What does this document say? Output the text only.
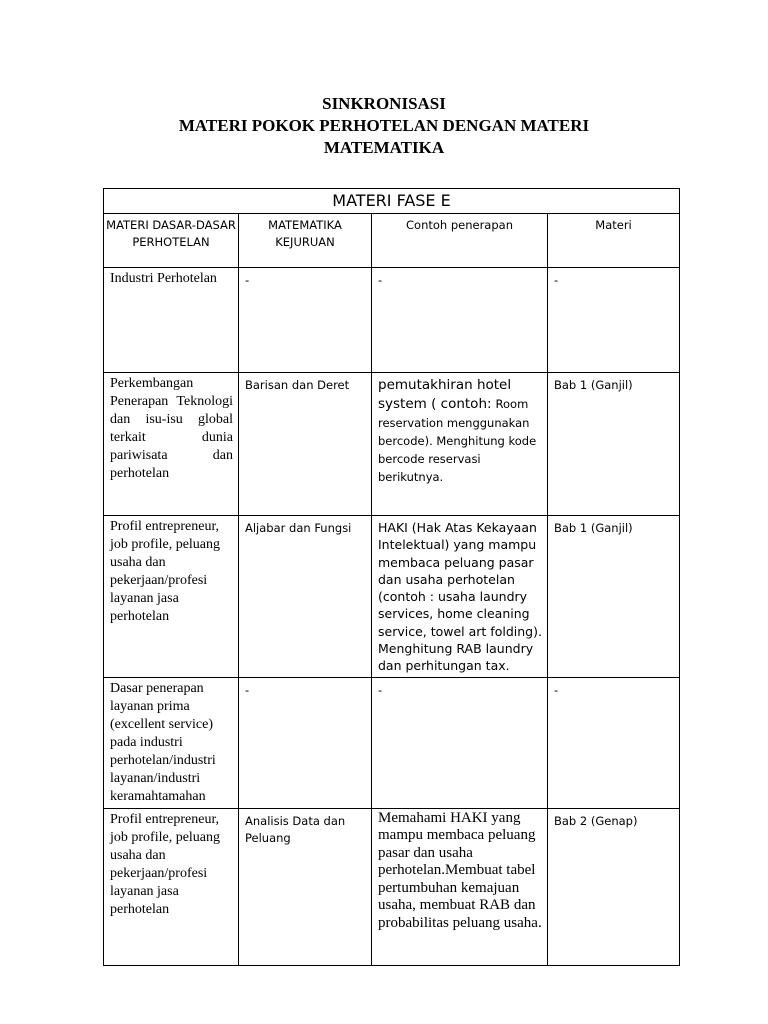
SINKRONISASI
MATERI POKOK PERHOTELAN DENGAN MATERI
MATEMATIKA
MATERI FASE E			
MATERI DASAR-DASAR PERHOTELAN	MATEMATIKA KEJURUAN	Contoh penerapan	Materi
Industri Perhotelan	-	-	-
Perkembangan Penerapan Teknologi dan isu-isu global terkait dunia pariwisata dan perhotelan	Barisan dan Deret	pemutakhiran hotel system ( contoh: Room reservation menggunakan bercode). Menghitung kode bercode reservasi berikutnya.	Bab 1 (Ganjil)
Profil entrepreneur, job profile, peluang usaha dan pekerjaan/profesi layanan jasa perhotelan	Aljabar dan Fungsi	HAKI (Hak Atas Kekayaan Intelektual) yang mampu membaca peluang pasar dan usaha perhotelan (contoh : usaha laundry services, home cleaning service, towel art folding). Menghitung RAB laundry dan perhitungan tax.	Bab 1 (Ganjil)
Dasar penerapan layanan prima (excellent service) pada industri perhotelan/industri layanan/industri keramahtamahan	-	-	-
Profil entrepreneur, job profile, peluang usaha dan pekerjaan/profesi layanan jasa perhotelan	Analisis Data dan Peluang	Memahami HAKI yang mampu membaca peluang pasar dan usaha perhotelan.Membuat tabel pertumbuhan kemajuan usaha, membuat RAB dan probabilitas peluang usaha.	Bab 2 (Genap)
